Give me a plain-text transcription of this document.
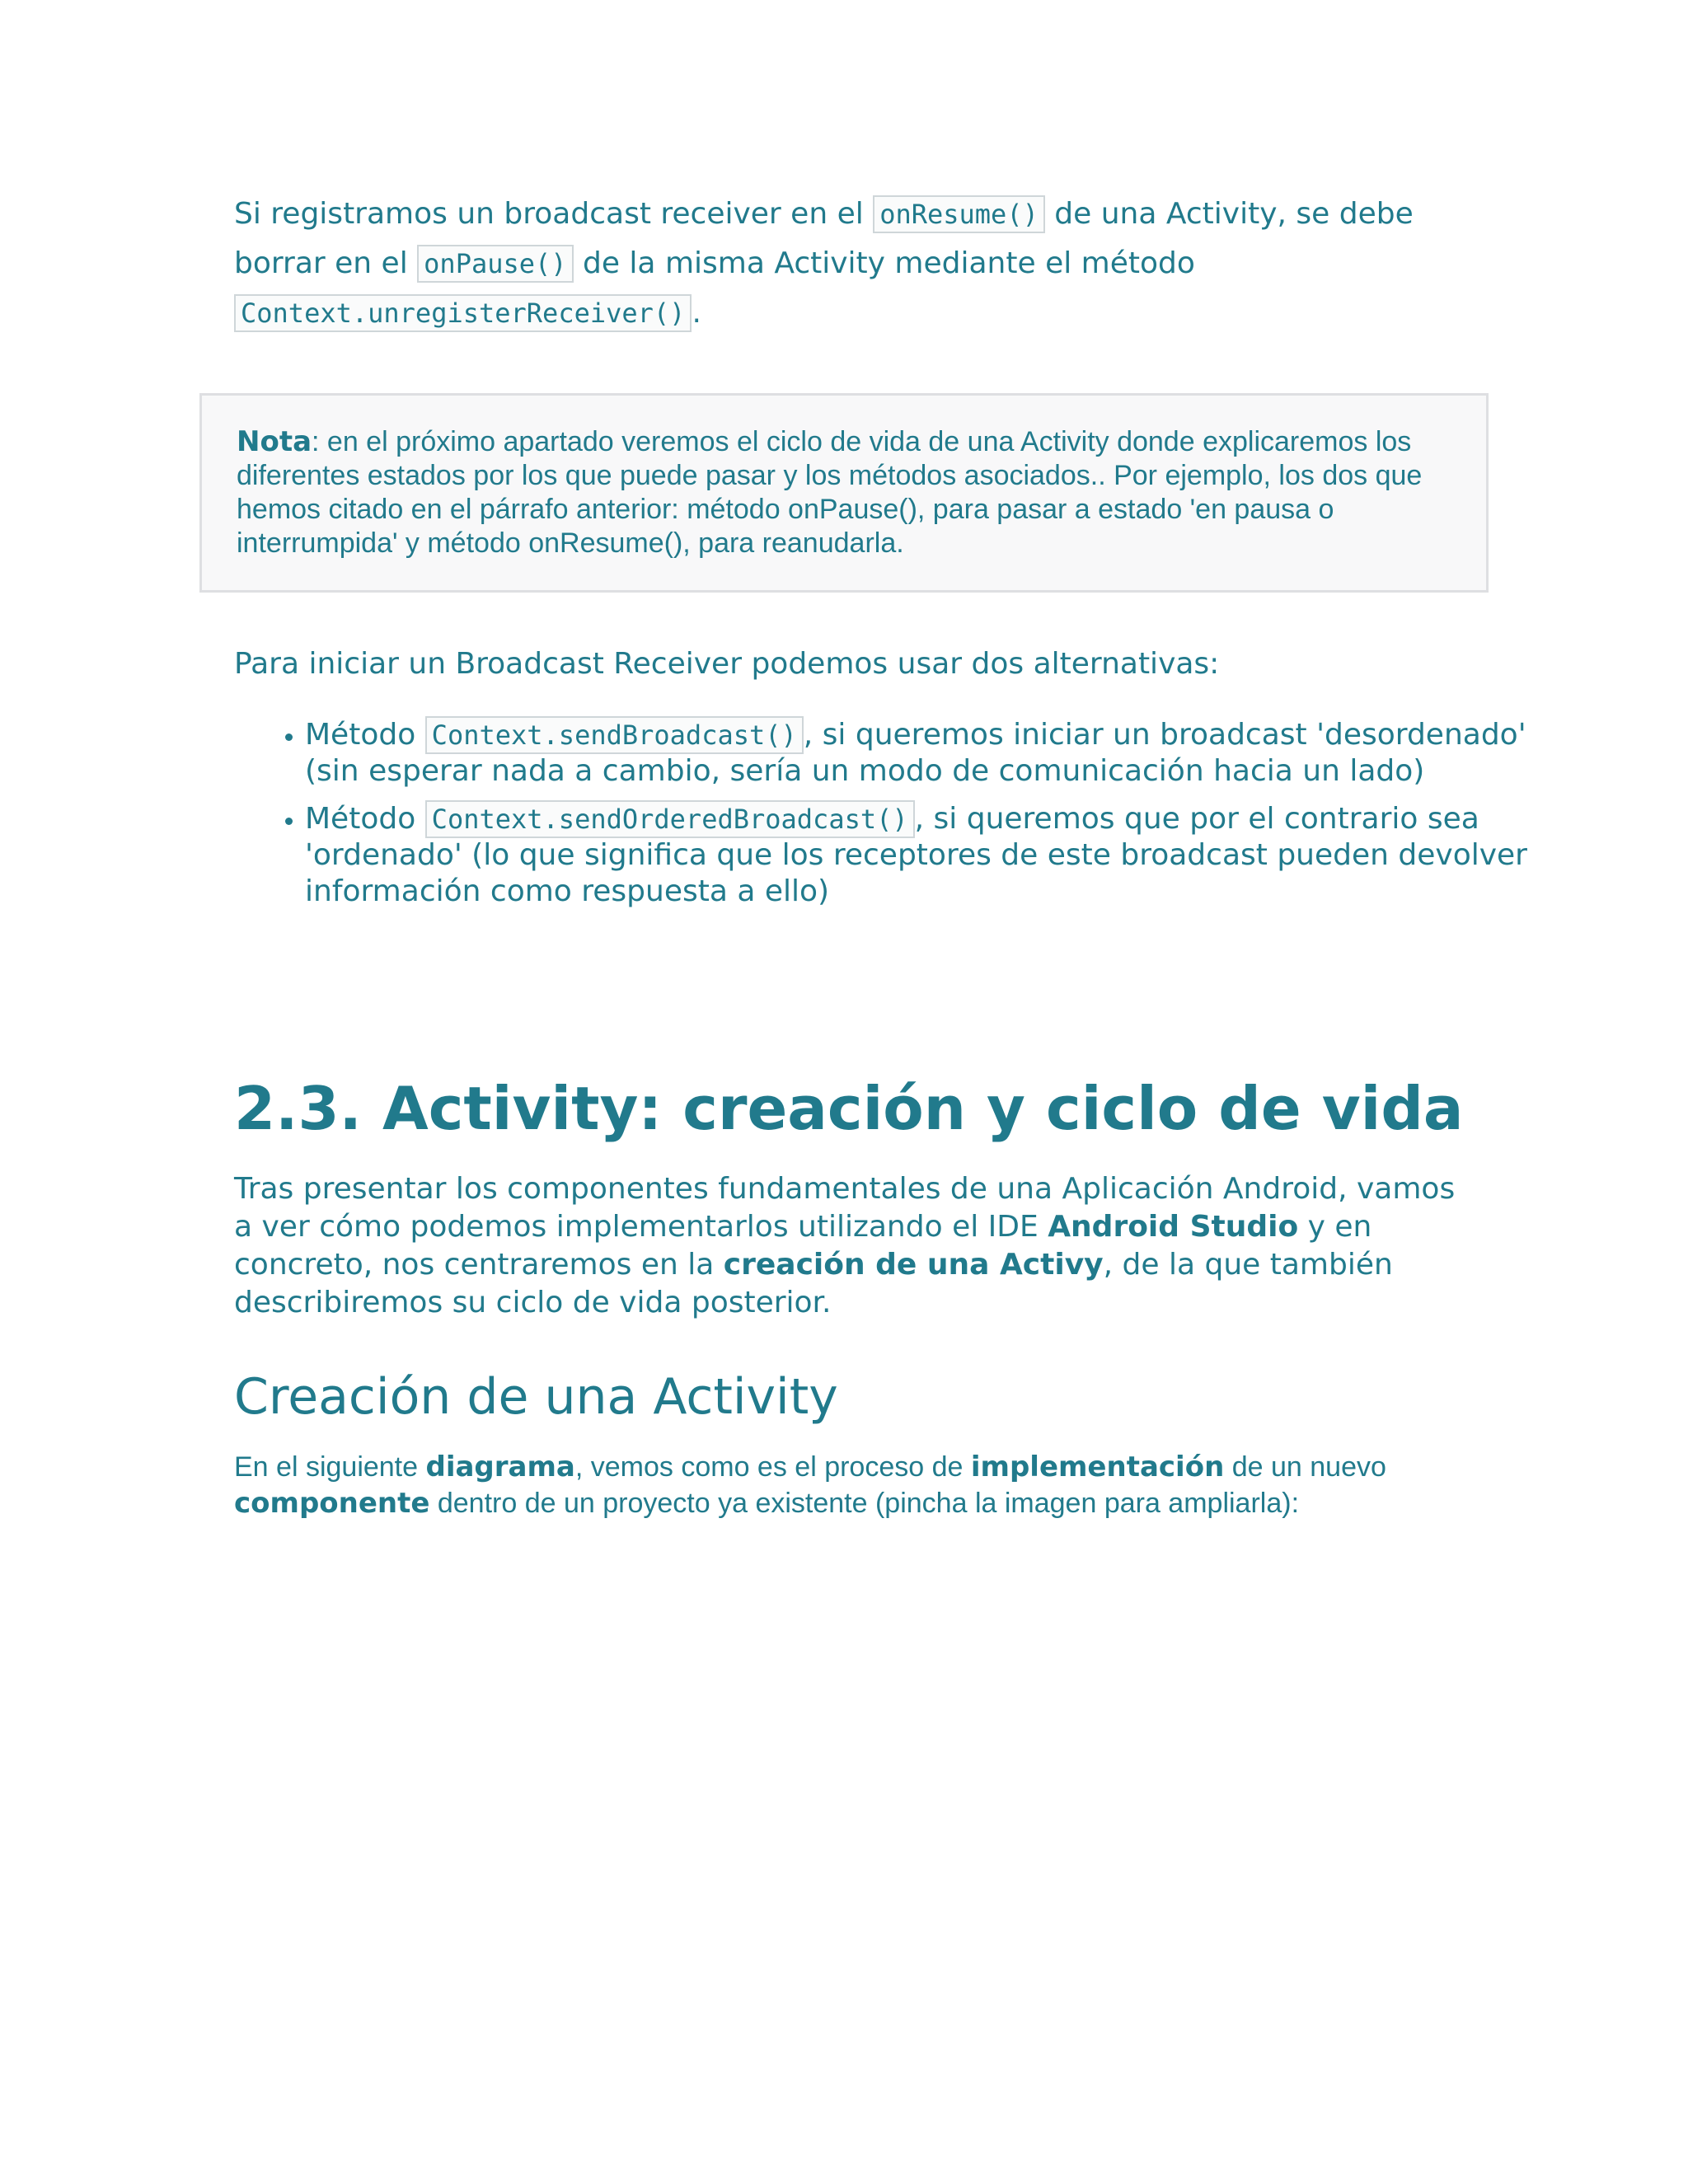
Si registramos un broadcast receiver en el onResume() de una Activity, se debe borrar en el onPause() de la misma Activity mediante el método Context.unregisterReceiver() .
Nota: en el próximo apartado veremos el ciclo de vida de una Activity donde explicaremos los diferentes estados por los que puede pasar y los métodos asociados.. Por ejemplo, los dos que hemos citado en el párrafo anterior: método onPause(), para pasar a estado 'en pausa o interrumpida' y método onResume(), para reanudarla.
Para iniciar un Broadcast Receiver podemos usar dos alternativas:
• Método Context.sendBroadcast() , si queremos iniciar un broadcast 'desordenado' (sin esperar nada a cambio, sería un modo de comunicación hacia un lado)
• Método Context.sendOrderedBroadcast() , si queremos que por el contrario sea 'ordenado' (lo que significa que los receptores de este broadcast pueden devolver información como respuesta a ello)
2.3. Activity: creación y ciclo de vida
Tras presentar los componentes fundamentales de una Aplicación Android, vamos a ver cómo podemos implementarlos utilizando el IDE Android Studio y en concreto, nos centraremos en la creación de una Activy, de la que también describiremos su ciclo de vida posterior.
Creación de una Activity
En el siguiente diagrama, vemos como es el proceso de implementación de un nuevo componente dentro de un proyecto ya existente (pincha la imagen para ampliarla):
